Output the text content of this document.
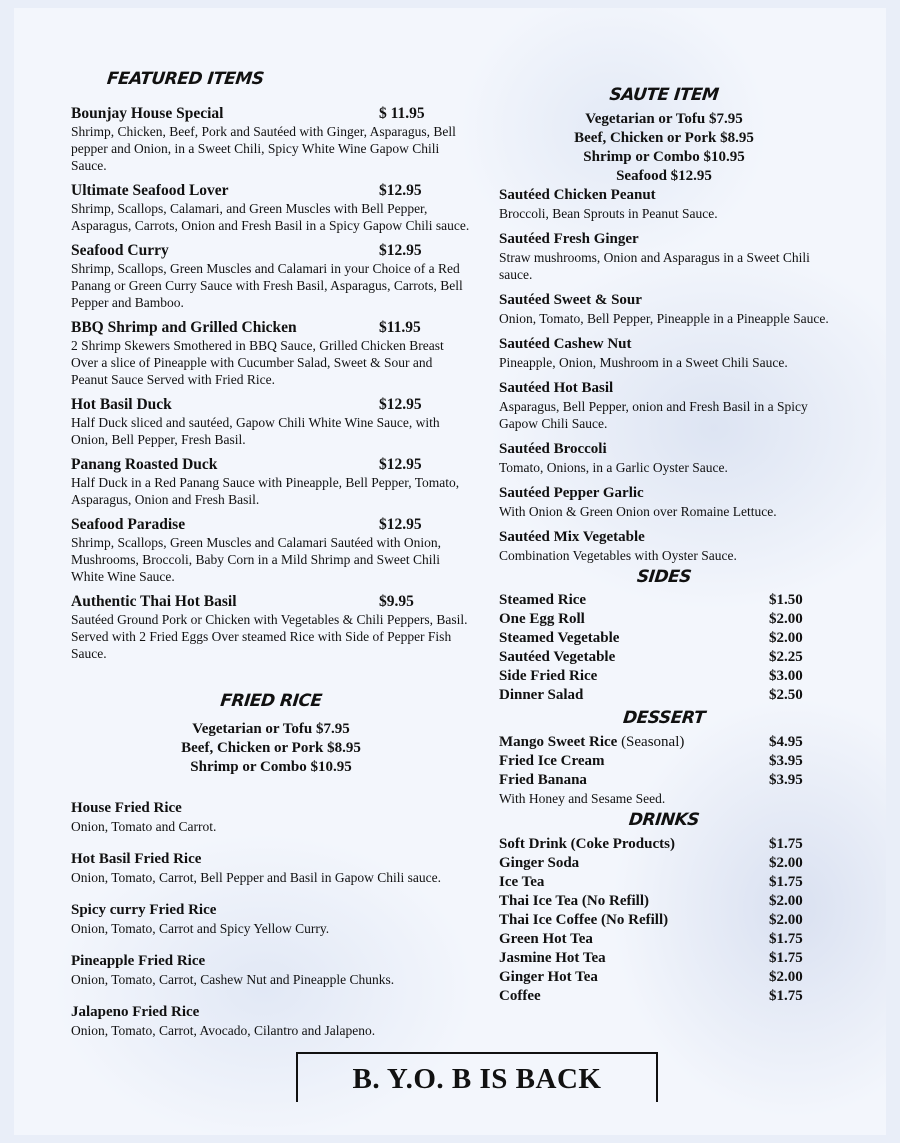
FEATURED ITEMS
Bounjay House Special	$ 11.95
Shrimp, Chicken, Beef, Pork and Sautéed with Ginger, Asparagus, Bell pepper and Onion, in a Sweet Chili, Spicy White Wine Gapow Chili Sauce.
Ultimate Seafood Lover	$12.95
Shrimp, Scallops, Calamari, and Green Muscles with Bell Pepper, Asparagus, Carrots, Onion and Fresh Basil in a Spicy Gapow Chili sauce.
Seafood Curry	$12.95
Shrimp, Scallops, Green Muscles and Calamari in your Choice of a Red Panang or Green Curry Sauce with Fresh Basil, Asparagus, Carrots, Bell Pepper and Bamboo.
BBQ Shrimp and Grilled Chicken	$11.95
2 Shrimp Skewers Smothered in BBQ Sauce, Grilled Chicken Breast Over a slice of Pineapple with Cucumber Salad, Sweet & Sour and Peanut Sauce Served with Fried Rice.
Hot Basil Duck	$12.95
Half Duck sliced and sautéed, Gapow Chili White Wine Sauce, with Onion, Bell Pepper, Fresh Basil.
Panang Roasted Duck	$12.95
Half Duck in a Red Panang Sauce with Pineapple, Bell Pepper, Tomato, Asparagus, Onion and Fresh Basil.
Seafood Paradise	$12.95
Shrimp, Scallops, Green Muscles and Calamari Sautéed with Onion, Mushrooms, Broccoli, Baby Corn in a Mild Shrimp and Sweet Chili White Wine Sauce.
Authentic Thai Hot Basil	$9.95
Sautéed Ground Pork or Chicken with Vegetables & Chili Peppers, Basil. Served with 2 Fried Eggs Over steamed Rice with Side of Pepper Fish Sauce.
FRIED RICE
Vegetarian or Tofu $7.95
Beef, Chicken or Pork $8.95
Shrimp or Combo $10.95
House Fried Rice
Onion, Tomato and Carrot.
Hot Basil Fried Rice
Onion, Tomato, Carrot, Bell Pepper and Basil in Gapow Chili sauce.
Spicy curry Fried Rice
Onion, Tomato, Carrot and Spicy Yellow Curry.
Pineapple Fried Rice
Onion, Tomato, Carrot, Cashew Nut and Pineapple Chunks.
Jalapeno Fried Rice
Onion, Tomato, Carrot, Avocado, Cilantro and Jalapeno.
SAUTE ITEM
Vegetarian or Tofu $7.95
Beef, Chicken or Pork $8.95
Shrimp or Combo $10.95
Seafood $12.95
Sautéed Chicken Peanut
Broccoli, Bean Sprouts in Peanut Sauce.
Sautéed Fresh Ginger
Straw mushrooms, Onion and Asparagus in a Sweet Chili sauce.
Sautéed Sweet & Sour
Onion, Tomato, Bell Pepper, Pineapple in a Pineapple Sauce.
Sautéed Cashew Nut
Pineapple, Onion, Mushroom in a Sweet Chili Sauce.
Sautéed Hot Basil
Asparagus, Bell Pepper, onion and Fresh Basil in a Spicy Gapow Chili Sauce.
Sautéed Broccoli
Tomato, Onions, in a Garlic Oyster Sauce.
Sautéed Pepper Garlic
With Onion & Green Onion over Romaine Lettuce.
Sautéed Mix Vegetable
Combination Vegetables with Oyster Sauce.
SIDES
Steamed Rice	$1.50
One Egg Roll	$2.00
Steamed Vegetable	$2.00
Sautéed Vegetable	$2.25
Side Fried Rice	$3.00
Dinner Salad	$2.50
DESSERT
Mango Sweet Rice (Seasonal)	$4.95
Fried Ice Cream	$3.95
Fried Banana	$3.95
With Honey and Sesame Seed.
DRINKS
Soft Drink (Coke Products)	$1.75
Ginger Soda	$2.00
Ice Tea	$1.75
Thai Ice Tea (No Refill)	$2.00
Thai Ice Coffee (No Refill)	$2.00
Green Hot Tea	$1.75
Jasmine Hot Tea	$1.75
Ginger Hot Tea	$2.00
Coffee	$1.75
B. Y.O. B IS BACK
